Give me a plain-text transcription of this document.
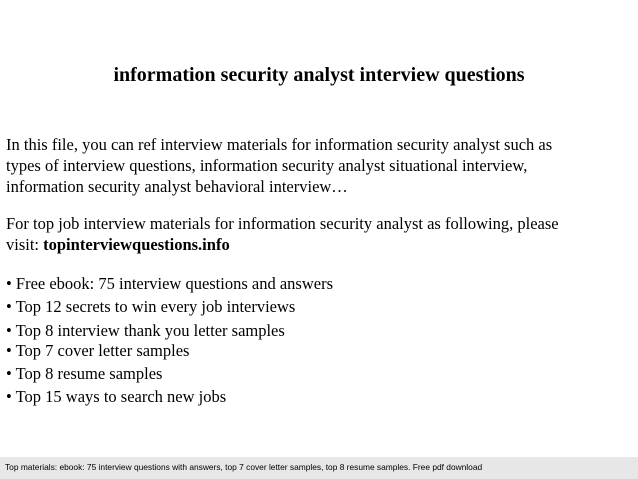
information security analyst interview questions
In this file, you can ref interview materials for information security analyst such as
types of interview questions, information security analyst situational interview,
information security analyst behavioral interview…
For top job interview materials for information security analyst as following, please
visit: topinterviewquestions.info
• Free ebook: 75 interview questions and answers
• Top 12 secrets to win every job interviews
• Top 8 interview thank you letter samples
• Top 7 cover letter samples
• Top 8 resume samples
• Top 15 ways to search new jobs
Top materials: ebook: 75 interview questions with answers, top 7 cover letter samples, top 8 resume samples. Free pdf download
